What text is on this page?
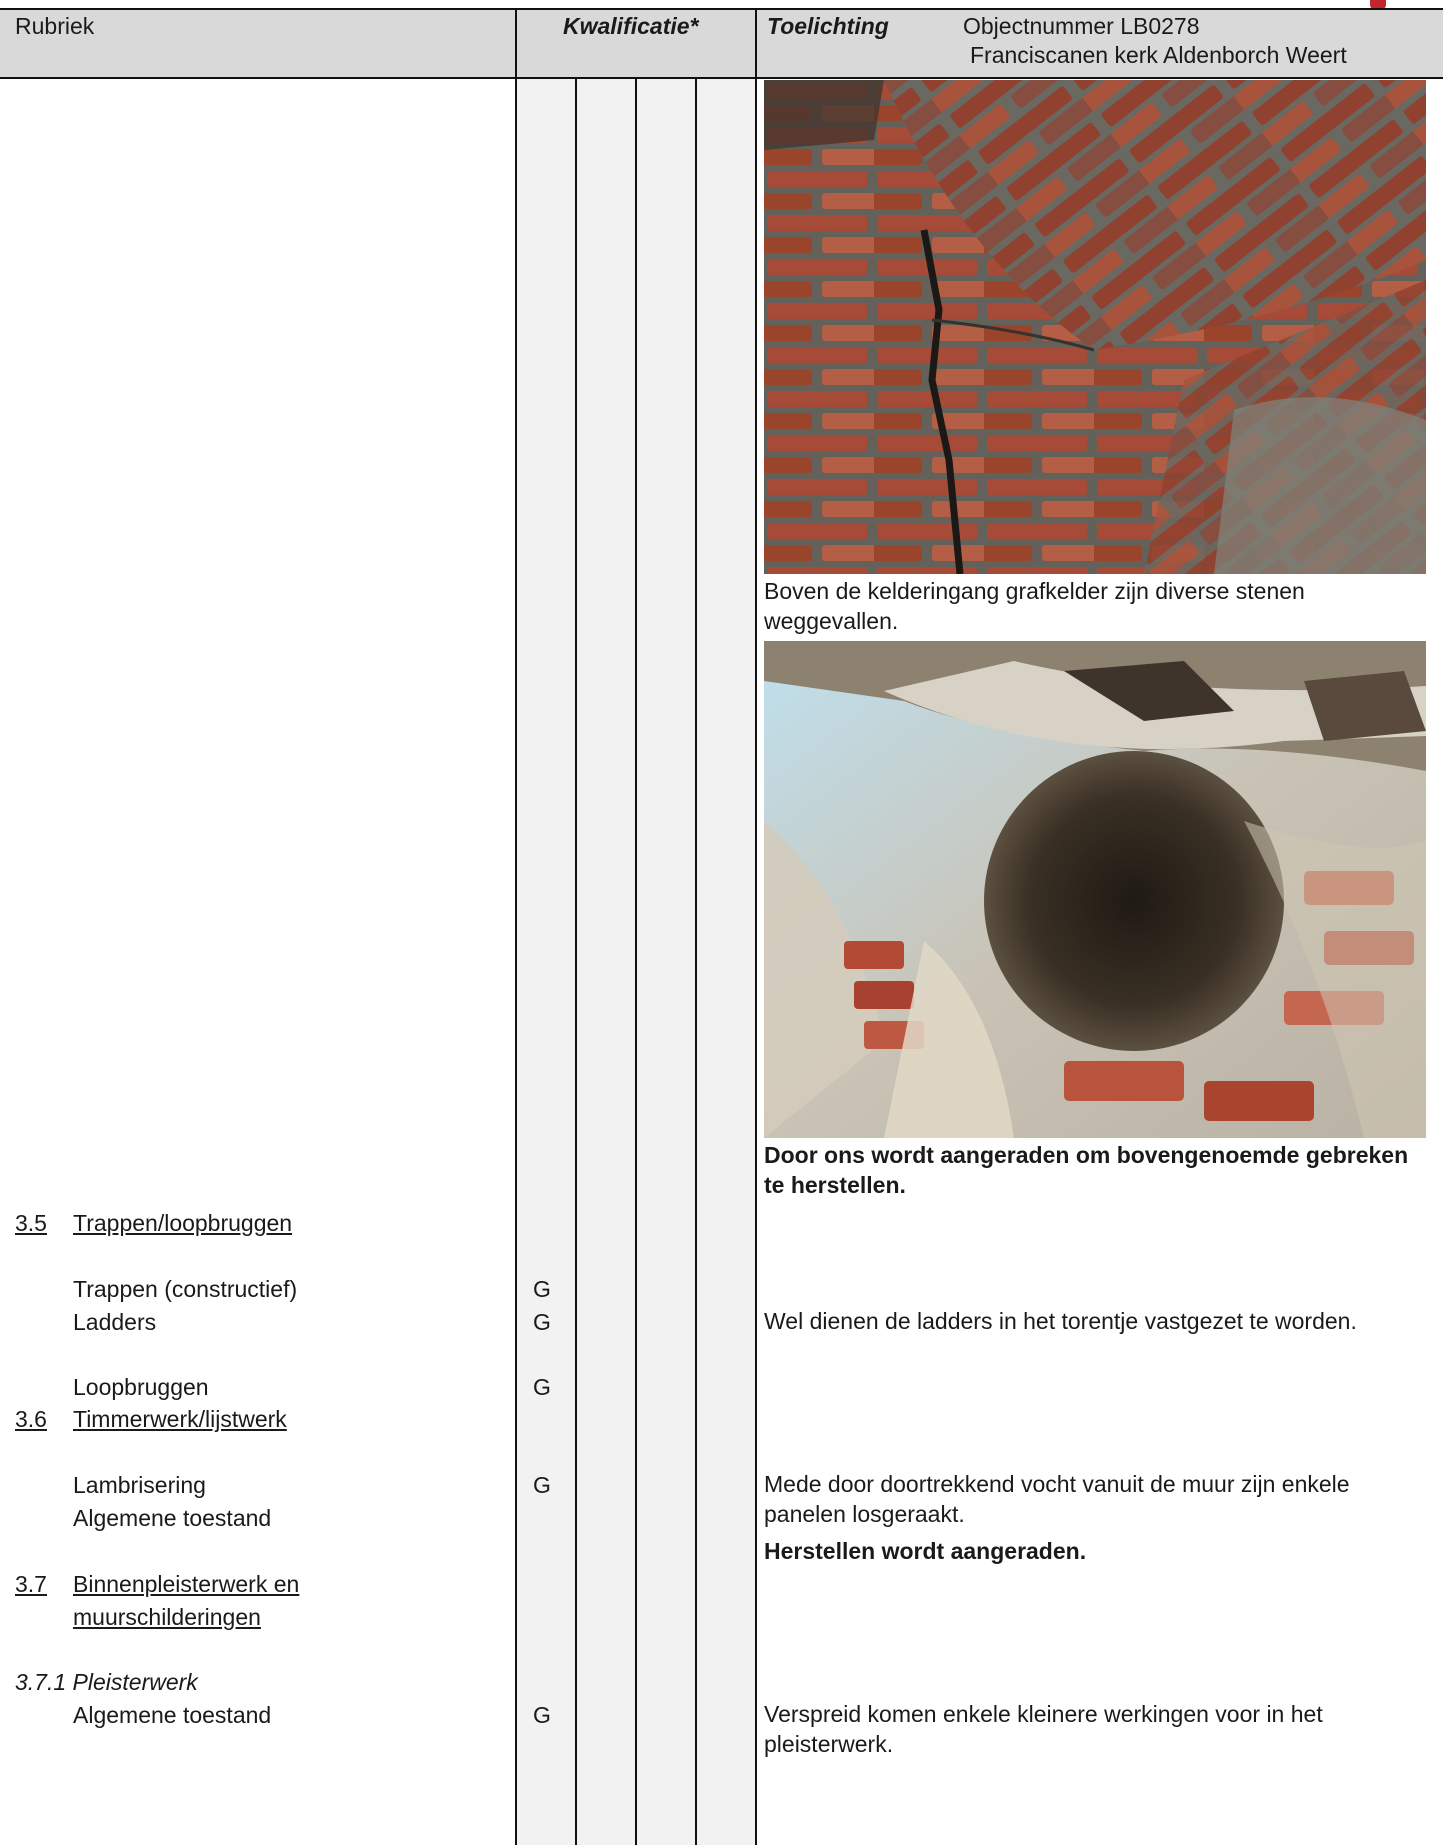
Rubriek	Kwalificatie*	Toelichting	Objectnummer LB0278
Franciscanen kerk Aldenborch Weert
Boven de kelderingang grafkelder zijn diverse stenen weggevallen.
Door ons wordt aangeraden om bovengenoemde gebreken te herstellen.
3.5 Trappen/loopbruggen
Trappen (constructief)	G
Ladders	G	Wel dienen de ladders in het torentje vastgezet te worden.
Loopbruggen	G
3.6 Timmerwerk/lijstwerk
Lambrisering	G	Mede door doortrekkend vocht vanuit de muur zijn enkele panelen losgeraakt.
Algemene toestand
Herstellen wordt aangeraden.
3.7 Binnenpleisterwerk en
muurschilderingen
3.7.1 Pleisterwerk
Algemene toestand	G	Verspreid komen enkele kleinere werkingen voor in het pleisterwerk.
